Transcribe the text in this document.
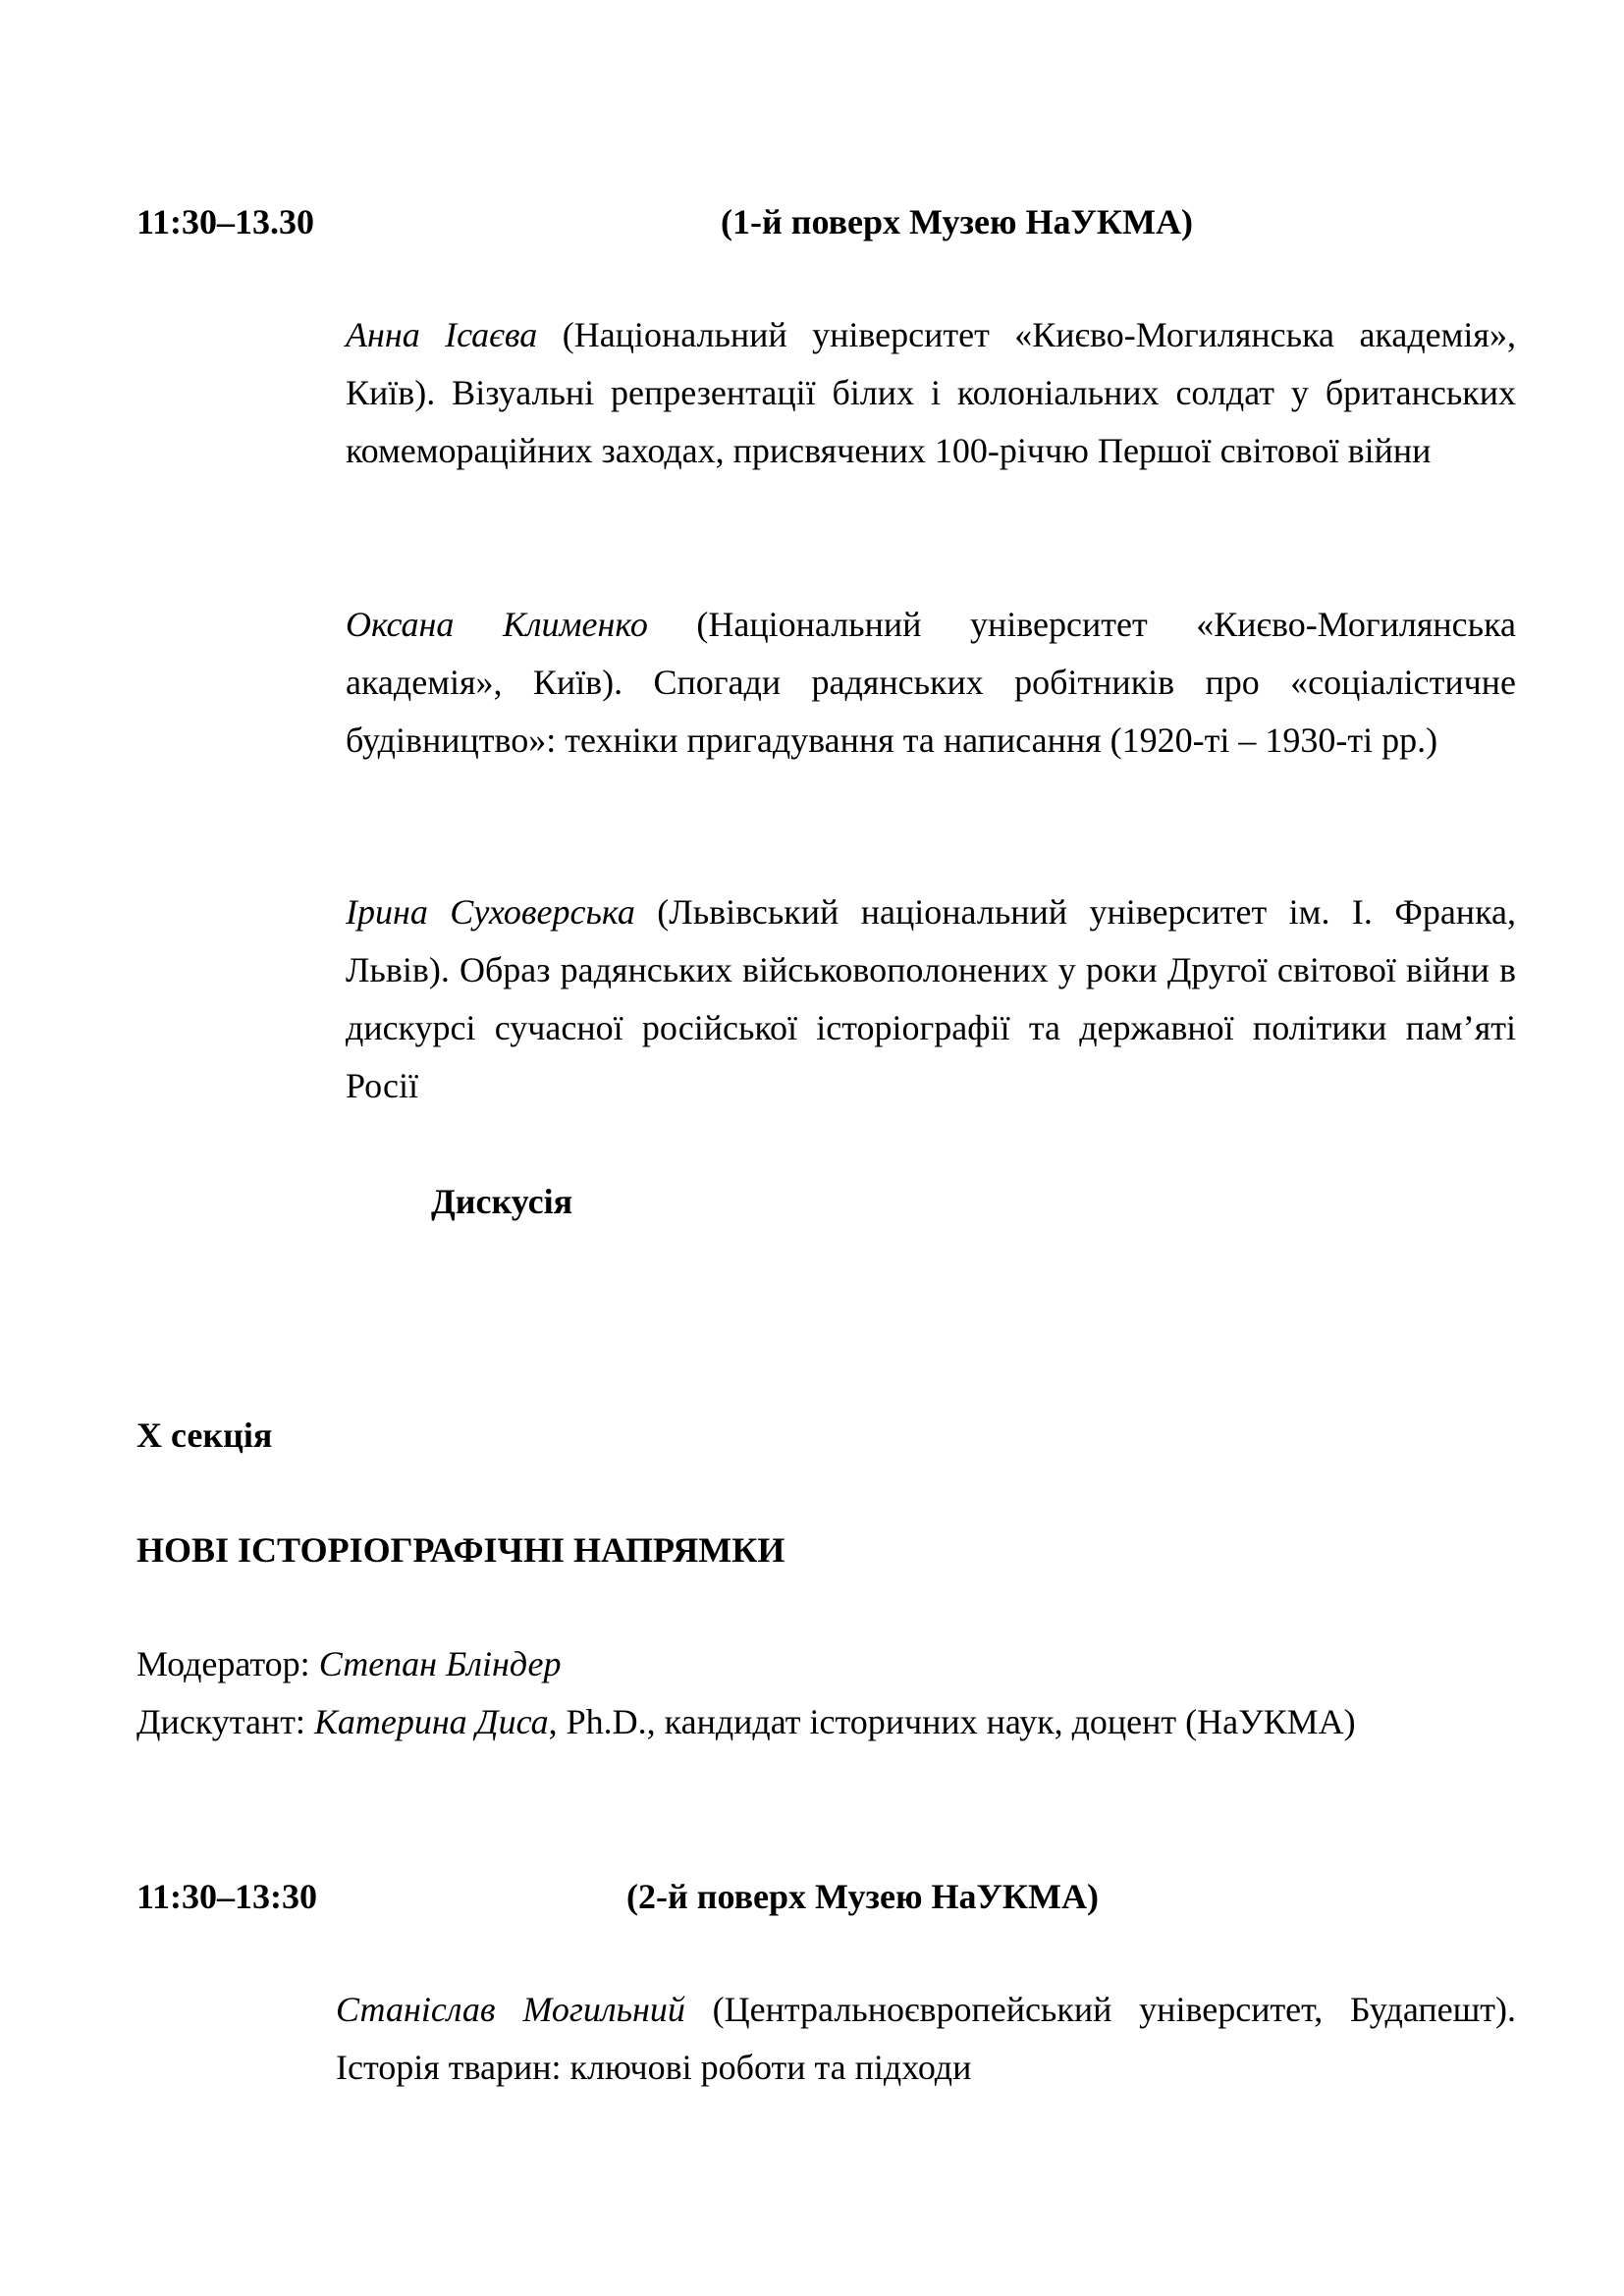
11:30–13.30	(1-й поверх Музею НаУКМА)
Анна Ісаєва (Національний університет «Києво-Могилянська академія», Київ). Візуальні репрезентації білих і колоніальних солдат у британських комемораційних заходах, присвячених 100-річчю Першої світової війни
Оксана Клименко (Національний університет «Києво-Могилянська академія», Київ). Спогади радянських робітників про «соціалістичне будівництво»: техніки пригадування та написання (1920-ті – 1930-ті рр.)
Ірина Суховерська (Львівський національний університет ім. І. Франка, Львів). Образ радянських військовополонених у роки Другої світової війни в дискурсі сучасної російської історіографії та державної політики пам’яті Росії
Дискусія
X секція
НОВІ ІСТОРІОГРАФІЧНІ НАПРЯМКИ
Модератор: Степан Бліндер
Дискутант: Катерина Диса, Ph.D., кандидат історичних наук, доцент (НаУКМА)
11:30–13:30	(2-й поверх Музею НаУКМА)
Станіслав Могильний (Центральноєвропейський університет, Будапешт). Історія тварин: ключові роботи та підходи
